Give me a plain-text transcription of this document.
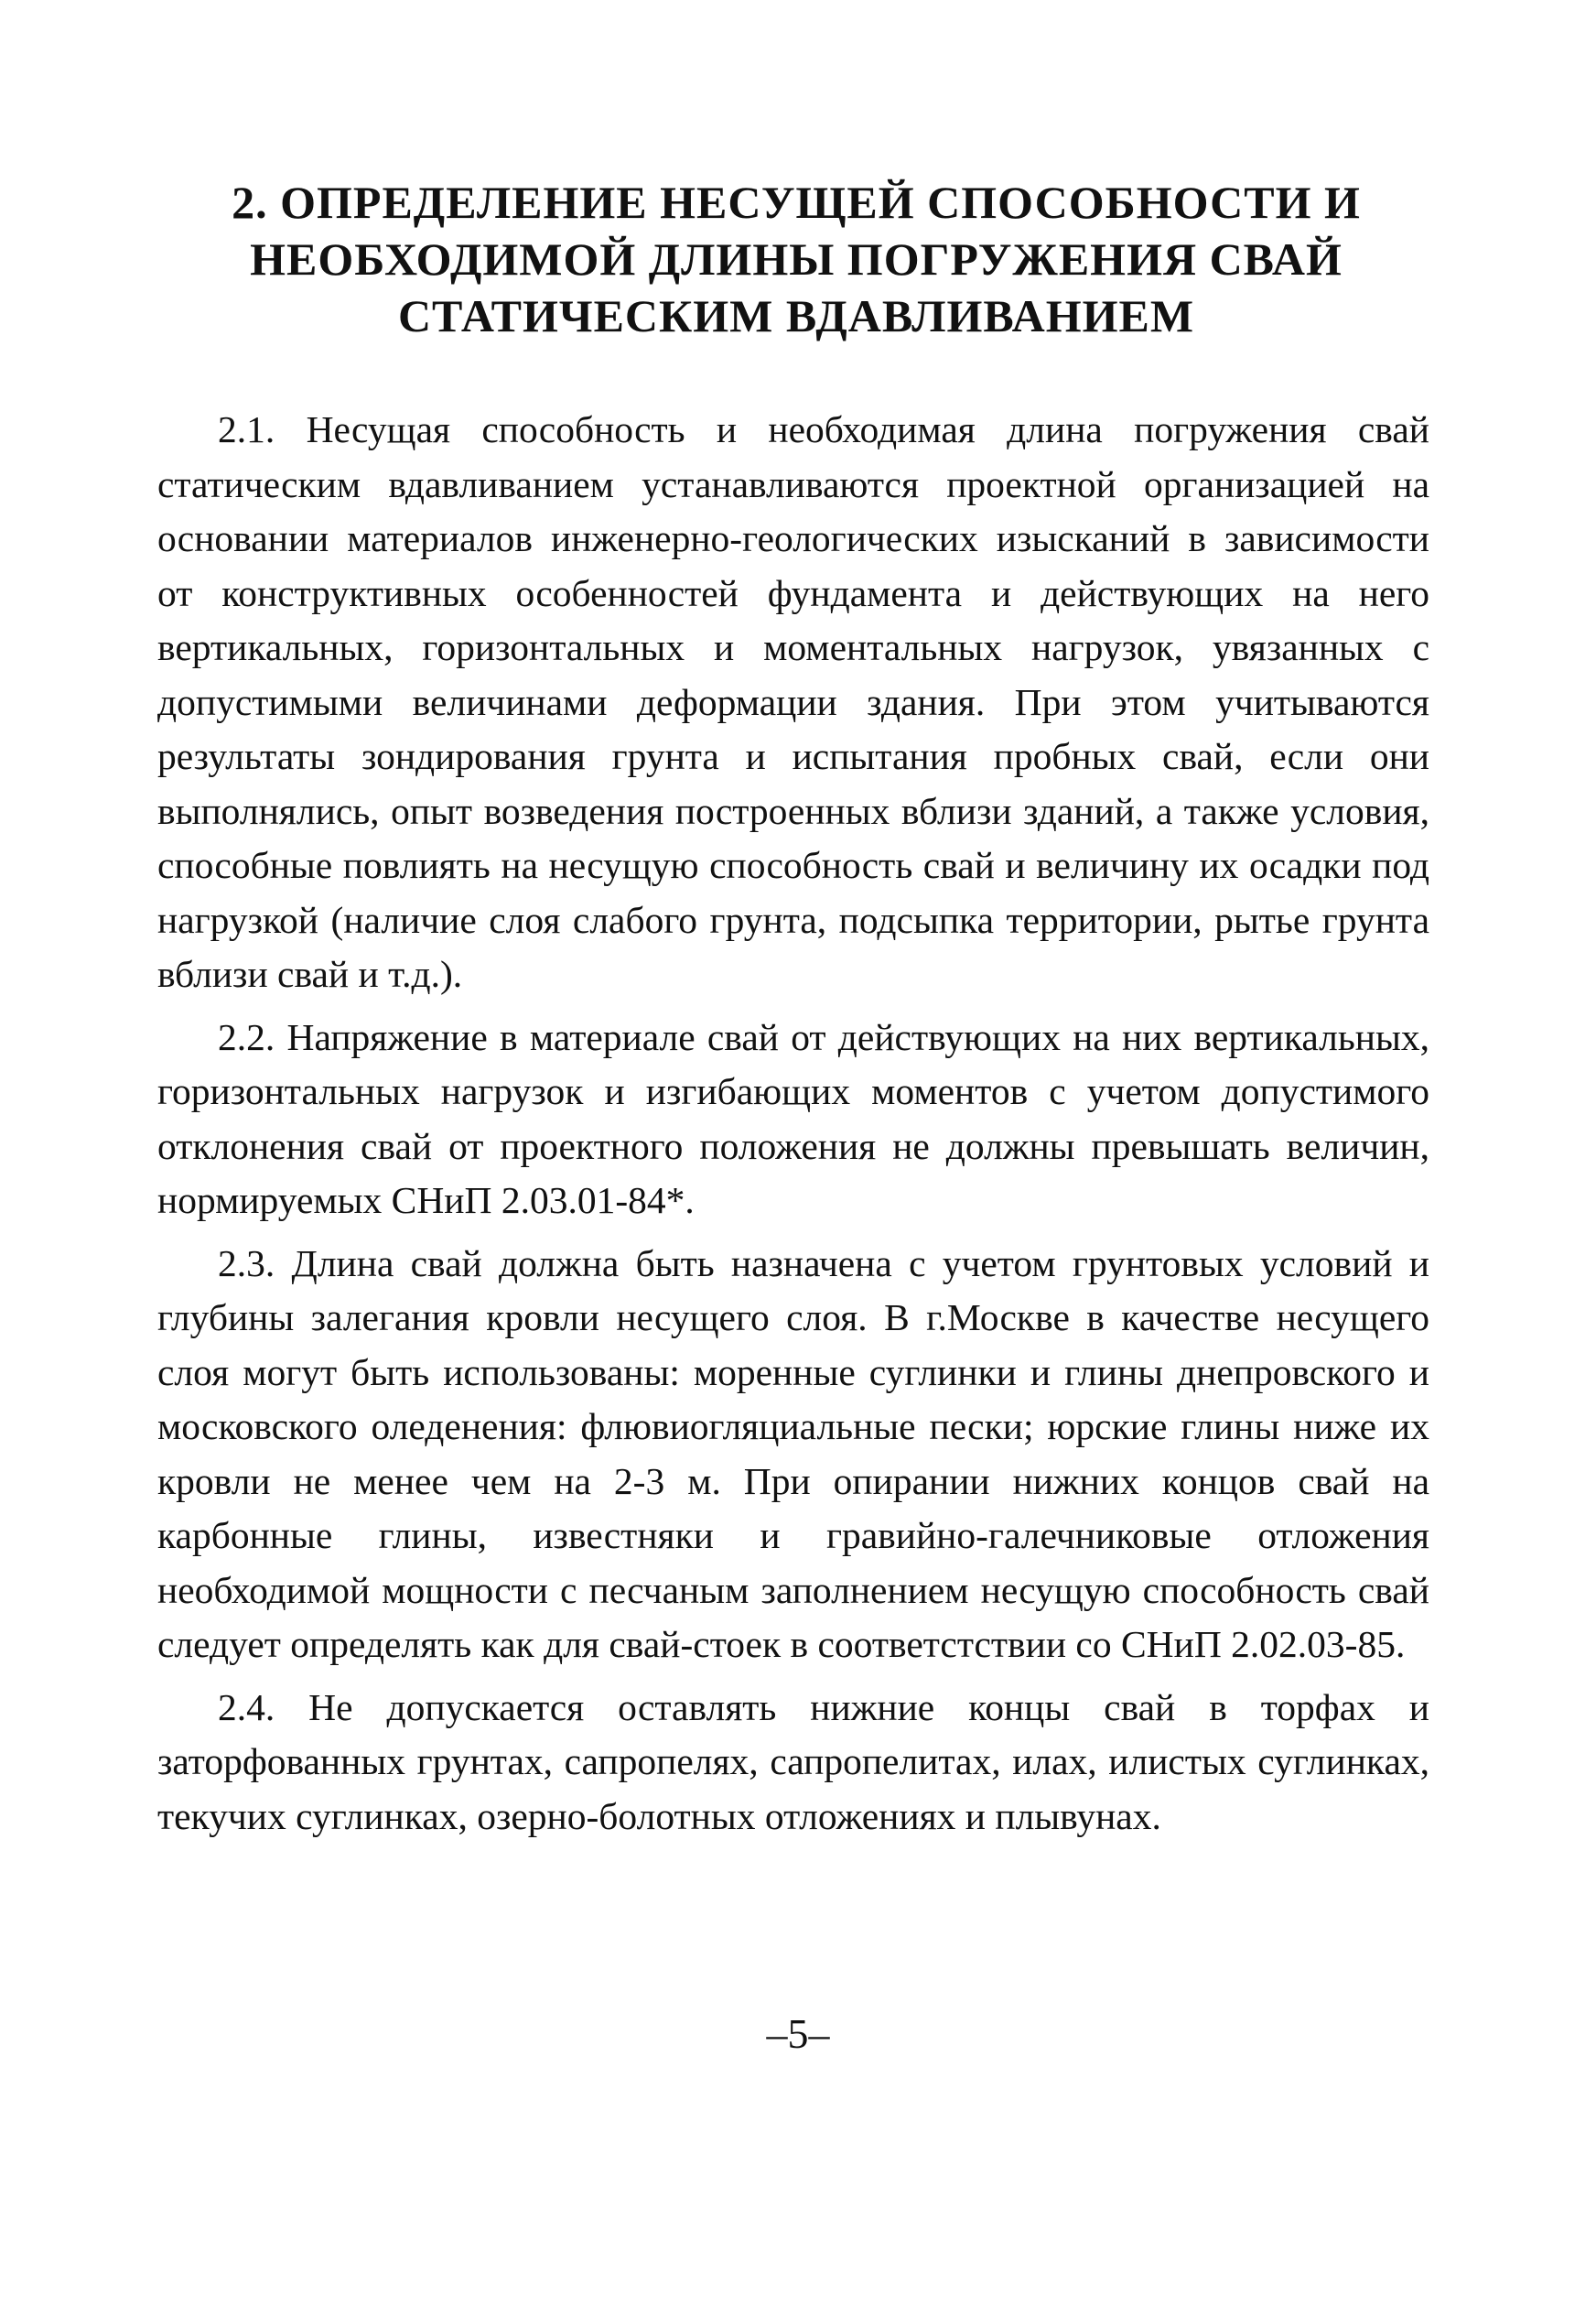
2. ОПРЕДЕЛЕНИЕ НЕСУЩЕЙ СПОСОБНОСТИ И
НЕОБХОДИМОЙ ДЛИНЫ ПОГРУЖЕНИЯ СВАЙ
СТАТИЧЕСКИМ ВДАВЛИВАНИЕМ

2.1. Несущая способность и необходимая длина погружения свай статическим вдавливанием устанавливаются проектной организацией на основании материалов инженерно-геологических изысканий в зависимости от конструктивных особенностей фундамента и действующих на него вертикальных, горизонтальных и моментальных нагрузок, увязанных с допустимыми величинами деформации здания. При этом учитываются результаты зондирования грунта и испытания пробных свай, если они выполнялись, опыт возведения построенных вблизи зданий, а также условия, способные повлиять на несущую способность свай и величину их осадки под нагрузкой (наличие слоя слабого грунта, подсыпка территории, рытье грунта вблизи свай и т.д.).

2.2. Напряжение в материале свай от действующих на них вертикальных, горизонтальных нагрузок и изгибающих моментов с учетом допустимого отклонения свай от проектного положения не должны превышать величин, нормируемых СНиП 2.03.01-84*.

2.3. Длина свай должна быть назначена с учетом грунтовых условий и глубины залегания кровли несущего слоя. В г.Москве в качестве несущего слоя могут быть использованы: моренные суглинки и глины днепровского и московского оледенения: флювиогляциальные пески; юрские глины ниже их кровли не менее чем на 2-3 м. При опирании нижних концов свай на карбонные глины, известняки и гравийно-галечниковые отложения необходимой мощности с песчаным заполнением несущую способность свай следует определять как для свай-стоек в соответстствии со СНиП 2.02.03-85.

2.4. Не допускается оставлять нижние концы свай в торфах и заторфованных грунтах, сапропелях, сапропелитах, илах, илистых суглинках, текучих суглинках, озерно-болотных отложениях и плывунах.

–5–
